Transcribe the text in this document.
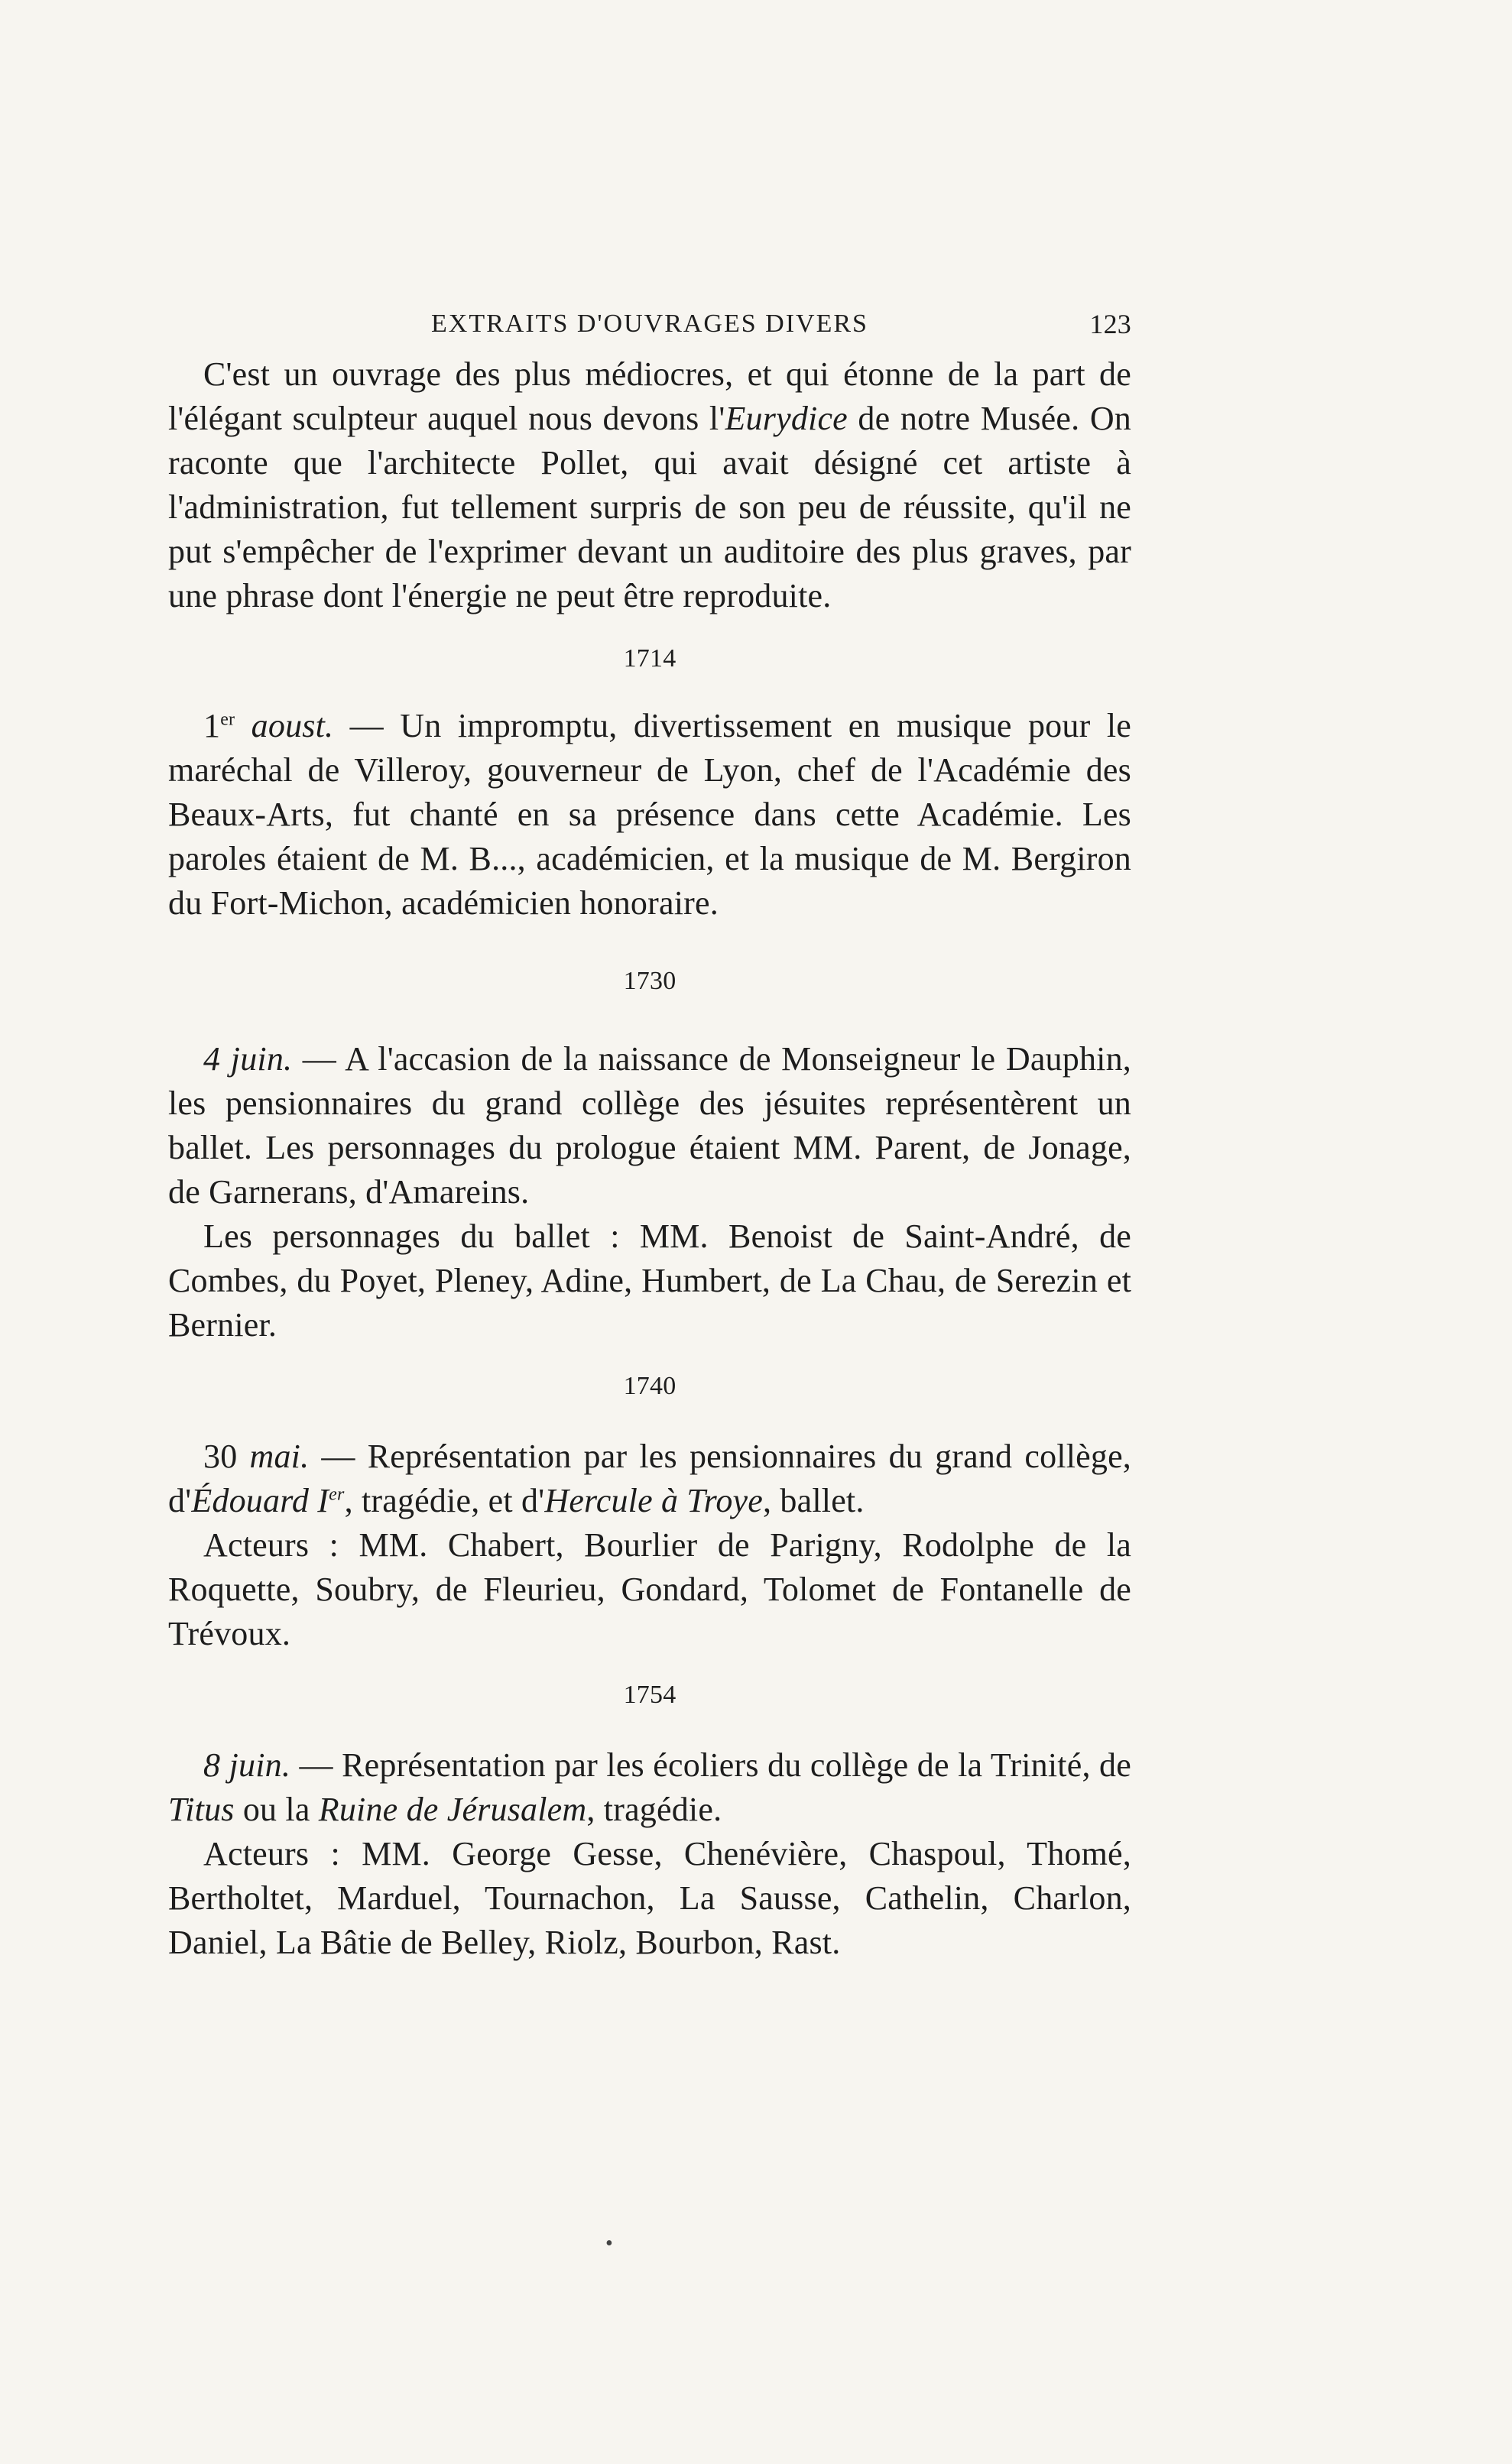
EXTRAITS D'OUVRAGES DIVERS	123

C'est un ouvrage des plus médiocres, et qui étonne de la part de l'élégant sculpteur auquel nous devons l'Eurydice de notre Musée. On raconte que l'architecte Pollet, qui avait désigné cet artiste à l'administration, fut tellement surpris de son peu de réussite, qu'il ne put s'empêcher de l'exprimer devant un auditoire des plus graves, par une phrase dont l'énergie ne peut être reproduite.

1714

1er aoust. — Un impromptu, divertissement en musique pour le maréchal de Villeroy, gouverneur de Lyon, chef de l'Académie des Beaux-Arts, fut chanté en sa présence dans cette Académie. Les paroles étaient de M. B..., académicien, et la musique de M. Bergiron du Fort-Michon, académicien honoraire.

1730

4 juin. — A l'accasion de la naissance de Monseigneur le Dauphin, les pensionnaires du grand collège des jésuites représentèrent un ballet. Les personnages du prologue étaient MM. Parent, de Jonage, de Garnerans, d'Amareins.

Les personnages du ballet : MM. Benoist de Saint-André, de Combes, du Poyet, Pleney, Adine, Humbert, de La Chau, de Serezin et Bernier.

1740

30 mai. — Représentation par les pensionnaires du grand collège, d'Édouard Ier, tragédie, et d'Hercule à Troye, ballet.

Acteurs : MM. Chabert, Bourlier de Parigny, Rodolphe de la Roquette, Soubry, de Fleurieu, Gondard, Tolomet de Fontanelle de Trévoux.

1754

8 juin. — Représentation par les écoliers du collège de la Trinité, de Titus ou la Ruine de Jérusalem, tragédie.

Acteurs : MM. George Gesse, Chenévière, Chaspoul, Thomé, Bertholtet, Marduel, Tournachon, La Sausse, Cathelin, Charlon, Daniel, La Bâtie de Belley, Riolz, Bourbon, Rast.

•
